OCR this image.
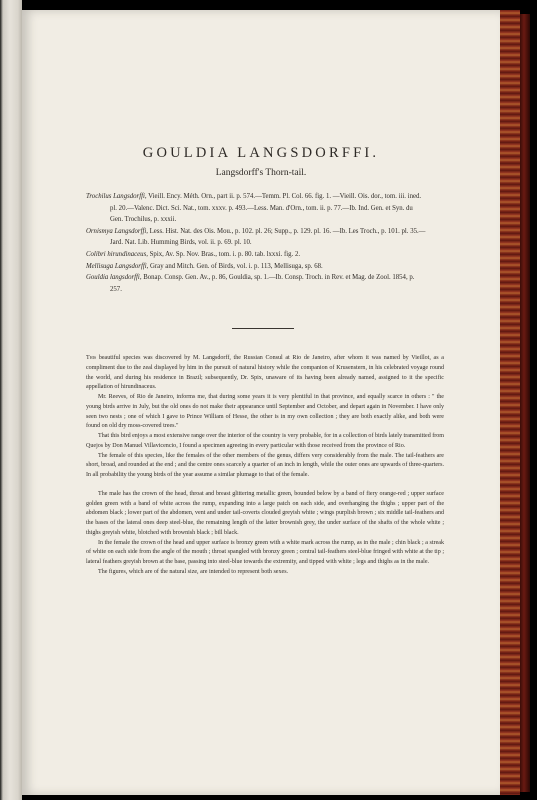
GOULDIA LANGSDORFFI.
Langsdorff's Thorn-tail.

Trochilus Langsdorffi, Vieill. Ency. Méth. Orn., part ii. p. 574.—Temm. Pl. Col. 66. fig. 1. —Vieill. Ois. dor., tom. iii. ined. pl. 20.—Valenc. Dict. Sci. Nat., tom. xxxv. p. 493.—Less. Man. d'Orn., tom. ii. p. 77.—Ib. Ind. Gen. et Syn. du Gen. Trochilus, p. xxxii.

Ornismya Langsdorffi, Less. Hist. Nat. des Ois. Mou., p. 102. pl. 26; Supp., p. 129. pl. 16. —Ib. Les Troch., p. 101. pl. 35.—Jard. Nat. Lib. Humming Birds, vol. ii. p. 69. pl. 10.

Colibri hirundinaceus, Spix, Av. Sp. Nov. Bras., tom. i. p. 80. tab. lxxxi. fig. 2.

Mellisuga Langsdorffi, Gray and Mitch. Gen. of Birds, vol. i. p. 113, Mellisuga, sp. 68.

Gouldia langsdorffi, Bonap. Consp. Gen. Av., p. 86, Gouldia, sp. 1.—Ib. Consp. Troch. in Rev. et Mag. de Zool. 1854, p. 257.

This beautiful species was discovered by M. Langsdorff, the Russian Consul at Rio de Janeiro, after whom it was named by Vieillot, as a compliment due to the zeal displayed by him in the pursuit of natural history while the companion of Krusenstern, in his celebrated voyage round the world, and during his residence in Brazil; subsequently, Dr. Spix, unaware of its having been already named, assigned to it the specific appellation of hirundinaceus.

Mr. Reeves, of Rio de Janeiro, informs me, that during some years it is very plentiful in that province, and equally scarce in others : " the young birds arrive in July, but the old ones do not make their appearance until September and October, and depart again in November. I have only seen two nests ; one of which I gave to Prince William of Hesse, the other is in my own collection ; they are both exactly alike, and both were found on old dry moss-covered trees."

That this bird enjoys a most extensive range over the interior of the country is very probable, for in a collection of birds lately transmitted from Quejos by Don Manuel Villavicencio, I found a specimen agreeing in every particular with those received from the province of Rio.

The female of this species, like the females of the other members of the genus, differs very considerably from the male. The tail-feathers are short, broad, and rounded at the end ; and the centre ones scarcely a quarter of an inch in length, while the outer ones are upwards of three-quarters. In all probability the young birds of the year assume a similar plumage to that of the female.

The male has the crown of the head, throat and breast glittering metallic green, bounded below by a band of fiery orange-red ; upper surface golden green with a band of white across the rump, expanding into a large patch on each side, and overhanging the thighs ; upper part of the abdomen black ; lower part of the abdomen, vent and under tail-coverts clouded greyish white ; wings purplish brown ; six middle tail-feathers and the bases of the lateral ones deep steel-blue, the remaining length of the latter brownish grey, the under surface of the shafts of the whole white ; thighs greyish white, blotched with brownish black ; bill black.

In the female the crown of the head and upper surface is bronzy green with a white mark across the rump, as in the male ; chin black ; a streak of white on each side from the angle of the mouth ; throat spangled with bronzy green ; central tail-feathers steel-blue fringed with white at the tip ; lateral feathers greyish brown at the base, passing into steel-blue towards the extremity, and tipped with white ; legs and thighs as in the male.

The figures, which are of the natural size, are intended to represent both sexes.
